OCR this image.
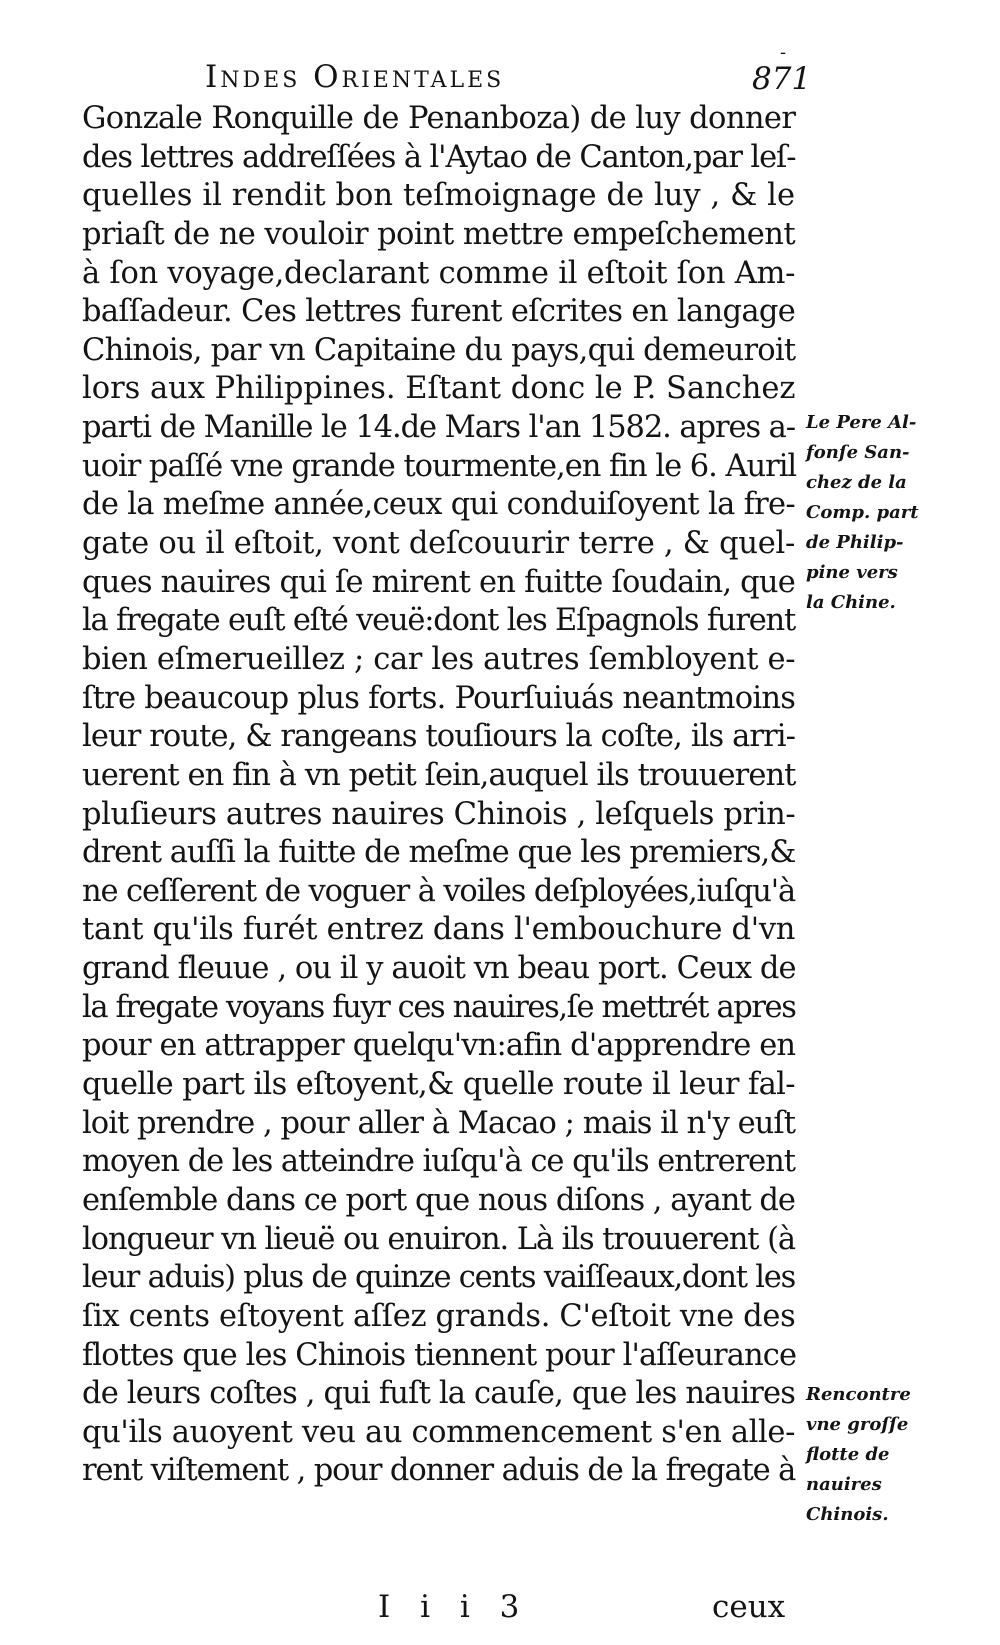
-
Indes Orientales	871
Gonzale Ronquille de Penanboza) de luy donner
des lettres addreſſées à l'Aytao de Canton,par leſ-
quelles il rendit bon teſmoignage de luy , & le
priaſt de ne vouloir point mettre empeſchement
à ſon voyage,declarant comme il eſtoit ſon Am-
baſſadeur. Ces lettres furent eſcrites en langage
Chinois, par vn Capitaine du pays,qui demeuroit
lors aux Philippines. Eſtant donc le P. Sanchez
parti de Manille le 14.de Mars l'an 1582. apres a-
uoir paſſé vne grande tourmente,en fin le 6. Auril
de la meſme année,ceux qui conduiſoyent la fre-
gate ou il eſtoit, vont deſcouurir terre , & quel-
ques nauires qui ſe mirent en fuitte ſoudain, que
la fregate euſt eſté veuë:dont les Eſpagnols furent
bien eſmerueillez ; car les autres ſembloyent e-
ſtre beaucoup plus forts. Pourſuiuás neantmoins
leur route, & rangeans touſiours la coſte, ils arri-
uerent en fin à vn petit ſein,auquel ils trouuerent
pluſieurs autres nauires Chinois , leſquels prin-
drent auſſi la fuitte de meſme que les premiers,&
ne ceſſerent de voguer à voiles deſployées,iuſqu'à
tant qu'ils furét entrez dans l'embouchure d'vn
grand fleuue , ou il y auoit vn beau port. Ceux de
la fregate voyans fuyr ces nauires,ſe mettrét apres
pour en attrapper quelqu'vn:afin d'apprendre en
quelle part ils eſtoyent,& quelle route il leur fal-
loit prendre , pour aller à Macao ; mais il n'y euſt
moyen de les atteindre iuſqu'à ce qu'ils entrerent
enſemble dans ce port que nous diſons , ayant de
longueur vn lieuë ou enuiron. Là ils trouuerent (à
leur aduis) plus de quinze cents vaiſſeaux,dont les
ſix cents eſtoyent aſſez grands. C'eſtoit vne des
flottes que les Chinois tiennent pour l'aſſeurance
de leurs coſtes , qui fuſt la cauſe, que les nauires
qu'ils auoyent veu au commencement s'en alle-
rent viſtement , pour donner aduis de la fregate à
Le Pere Al-
fonſe San-
chez de la
Comp. part
de Philip-
pine vers
la Chine.
Rencontre
vne groſſe
flotte de
nauires
Chinois.
I i i 3	ceux
